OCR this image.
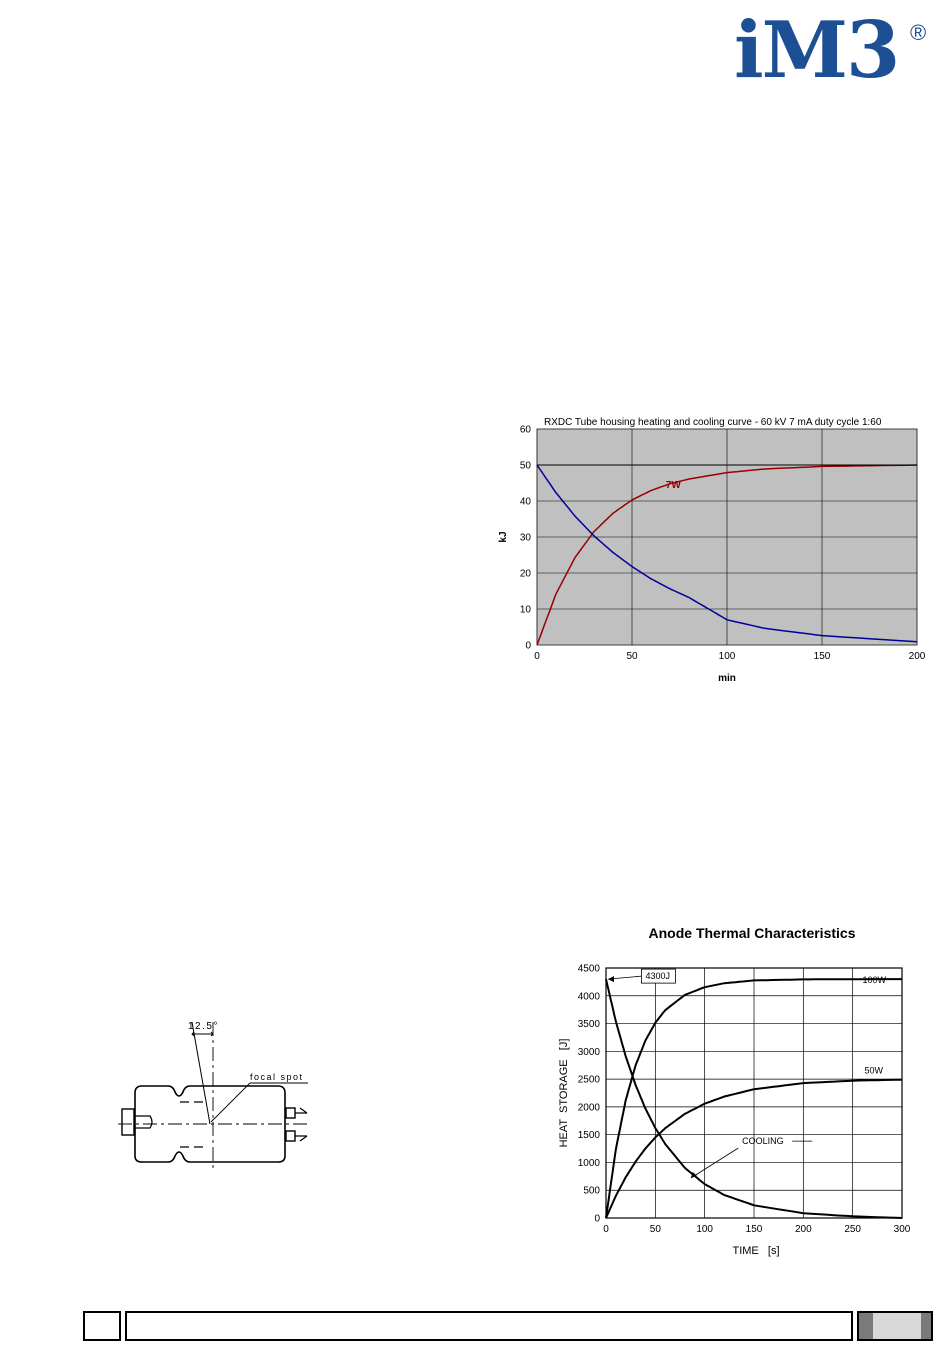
iM3 ®
RXDC Tube housing heating and cooling curve - 60 kV 7 mA duty cycle 1:60
0
10
20
30
40
50
60
0	50	100	150	200
7W
min
kJ
12.5°
focal spot
Anode Thermal Characteristics
0
500
1000
1500
2000
2500
3000
3500
4000
4500
0	50	100	150	200	250	300
4300J	100W
50W
COOLING
TIME   [s]
HEAT  STORAGE   [J]
